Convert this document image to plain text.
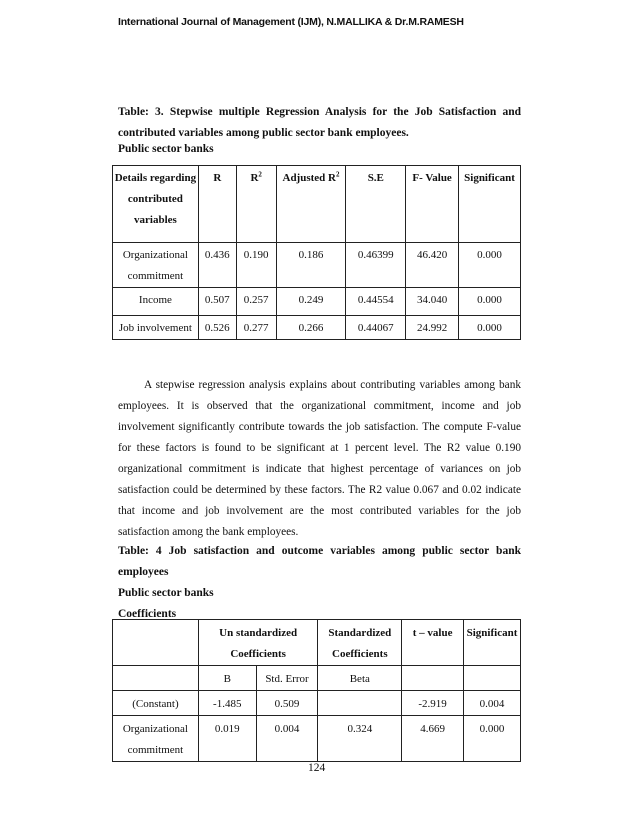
International Journal of Management (IJM), N.MALLIKA & Dr.M.RAMESH
Table: 3. Stepwise multiple Regression Analysis for the Job Satisfaction and contributed variables among public sector bank employees.
Public sector banks
Details regarding contributed variables	R	$R^2$	Adjusted $R^2$	S.E	F- Value	Significant
Organizational commitment	0.436	0.190	0.186	0.46399	46.420	0.000
Income	0.507	0.257	0.249	0.44554	34.040	0.000
Job involvement	0.526	0.277	0.266	0.44067	24.992	0.000
A stepwise regression analysis explains about contributing variables among bank employees. It is observed that the organizational commitment, income and job involvement significantly contribute towards the job satisfaction. The compute F-value for these factors is found to be significant at 1 percent level. The R2 value 0.190 organizational commitment is indicate that highest percentage of variances on job satisfaction could be determined by these factors. The R2 value 0.067 and 0.02 indicate that income and job involvement are the most contributed variables for the job satisfaction among the bank employees.
Table: 4 Job satisfaction and outcome variables among public sector bank employees
Public sector banks
Coefficients
	Un standardized Coefficients		Standardized Coefficients	t – value	Significant
	B	Std. Error	Beta		
(Constant)	-1.485	0.509		-2.919	0.004
Organizational commitment	0.019	0.004	0.324	4.669	0.000
124
